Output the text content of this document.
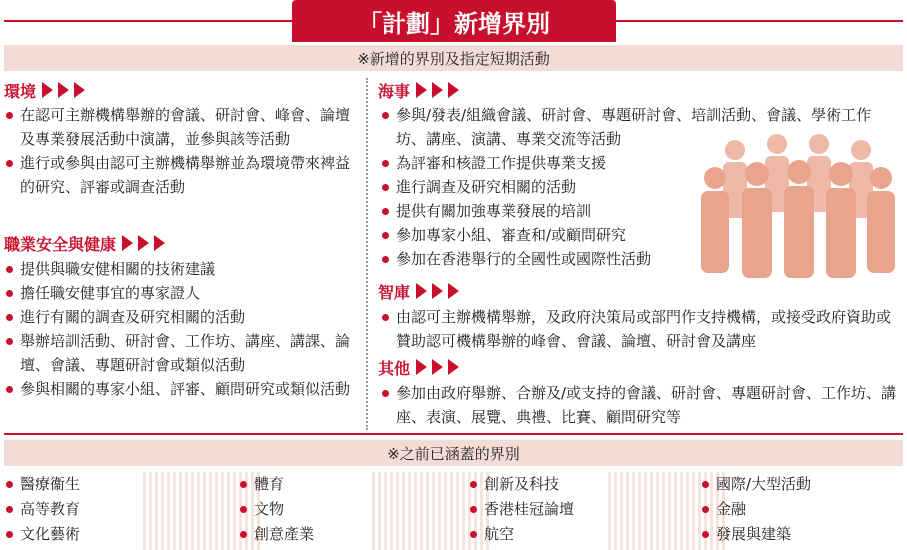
「計劃」新增界別
※新增的界別及指定短期活動
環境
在認可主辦機構舉辦的會議、研討會、峰會、論壇及專業發展活動中演講，並參與該等活動
進行或參與由認可主辦機構舉辦並為環境帶來裨益的研究、評審或調查活動
職業安全與健康
提供與職安健相關的技術建議
擔任職安健事宜的專家證人
進行有關的調查及研究相關的活動
舉辦培訓活動、研討會、工作坊、講座、講課、論壇、會議、專題研討會或類似活動
參與相關的專家小組、評審、顧問研究或類似活動
海事
參與/發表/組織會議、研討會、專題研討會、培訓活動、會議、學術工作坊、講座、演講、專業交流等活動
為評審和核證工作提供專業支援
進行調查及研究相關的活動
提供有關加強專業發展的培訓
參加專家小組、審查和/或顧問研究
參加在香港舉行的全國性或國際性活動
智庫
由認可主辦機構舉辦，及政府決策局或部門作支持機構，或接受政府資助或贊助認可機構舉辦的峰會、會議、論壇、研討會及講座
其他
參加由政府舉辦、合辦及/或支持的會議、研討會、專題研討會、工作坊、講座、表演、展覽、典禮、比賽、顧問研究等
※之前已涵蓋的界別
醫療衞生
高等教育
文化藝術
體育
文物
創意產業
創新及科技
香港桂冠論壇
航空
國際/大型活動
金融
發展與建築
